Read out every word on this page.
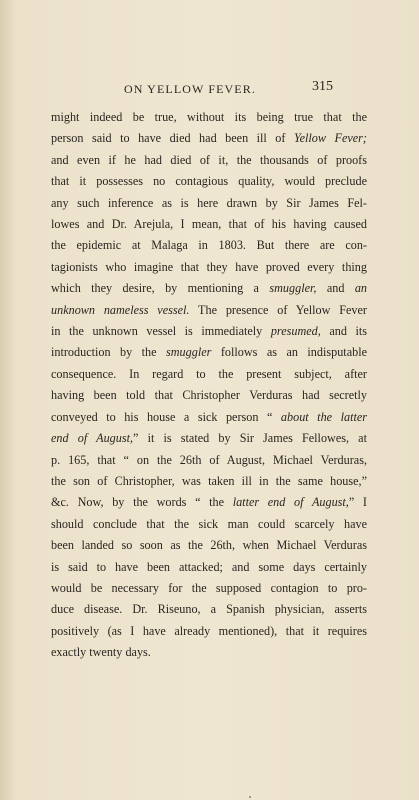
ON YELLOW FEVER.	315
might indeed be true, without its being true that the
person said to have died had been ill of Yellow Fever;
and even if he had died of it, the thousands of proofs
that it possesses no contagious quality, would preclude
any such inference as is here drawn by Sir James Fel-
lowes and Dr. Arejula, I mean, that of his having caused
the epidemic at Malaga in 1803. But there are con-
tagionists who imagine that they have proved every thing
which they desire, by mentioning a smuggler, and an
unknown nameless vessel. The presence of Yellow Fever
in the unknown vessel is immediately presumed, and its
introduction by the smuggler follows as an indisputable
consequence. In regard to the present subject, after
having been told that Christopher Verduras had secretly
conveyed to his house a sick person “ about the latter
end of August,” it is stated by Sir James Fellowes, at
p. 165, that “ on the 26th of August, Michael Verduras,
the son of Christopher, was taken ill in the same house,”
&c. Now, by the words “ the latter end of August,” I
should conclude that the sick man could scarcely have
been landed so soon as the 26th, when Michael Verduras
is said to have been attacked; and some days certainly
would be necessary for the supposed contagion to pro-
duce disease. Dr. Riseuno, a Spanish physician, asserts
positively (as I have already mentioned), that it requires
exactly twenty days.
